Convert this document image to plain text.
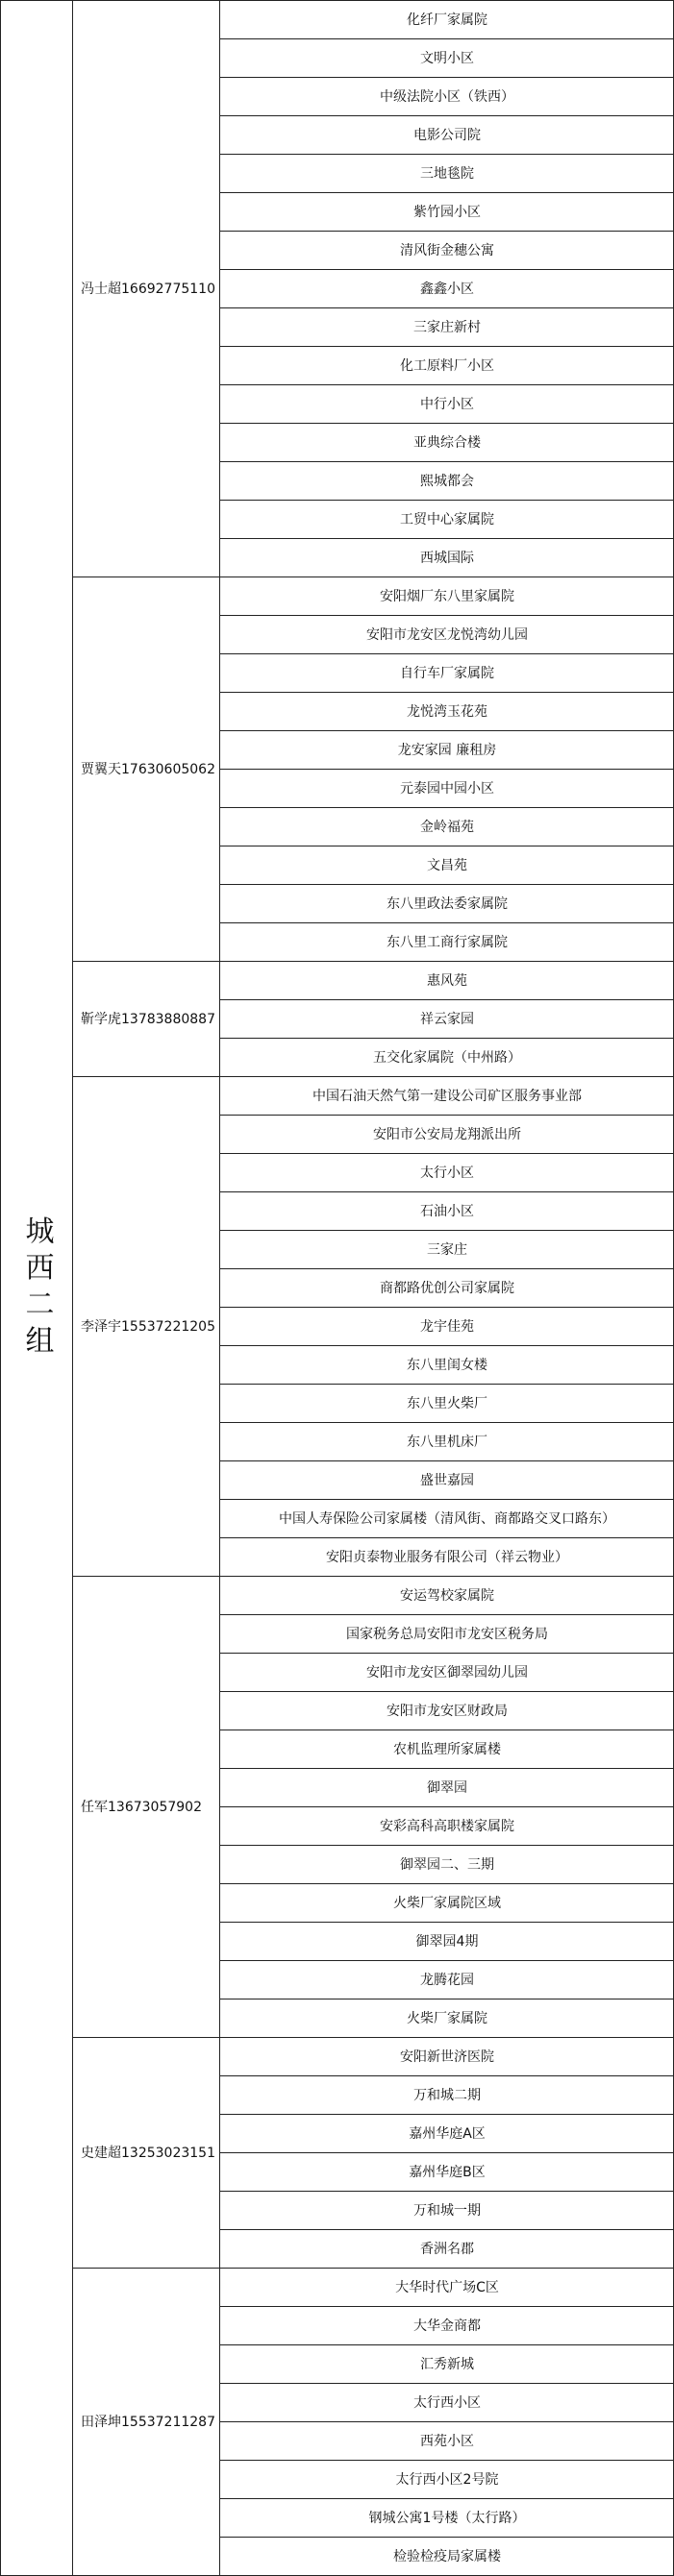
城西二组
冯士超16692775110
化纤厂家属院
文明小区
中级法院小区（铁西）
电影公司院
三地毯院
紫竹园小区
清风街金穗公寓
鑫鑫小区
三家庄新村
化工原料厂小区
中行小区
亚典综合楼
熙城都会
工贸中心家属院
西城国际
贾翼天17630605062
安阳烟厂东八里家属院
安阳市龙安区龙悦湾幼儿园
自行车厂家属院
龙悦湾玉花苑
龙安家园 廉租房
元泰园中园小区
金岭福苑
文昌苑
东八里政法委家属院
东八里工商行家属院
靳学虎13783880887
惠风苑
祥云家园
五交化家属院（中州路）
李泽宇15537221205
中国石油天然气第一建设公司矿区服务事业部
安阳市公安局龙翔派出所
太行小区
石油小区
三家庄
商都路优创公司家属院
龙宇佳苑
东八里闺女楼
东八里火柴厂
东八里机床厂
盛世嘉园
中国人寿保险公司家属楼（清风街、商都路交叉口路东）
安阳贞泰物业服务有限公司（祥云物业）
任军13673057902
安运驾校家属院
国家税务总局安阳市龙安区税务局
安阳市龙安区御翠园幼儿园
安阳市龙安区财政局
农机监理所家属楼
御翠园
安彩高科高职楼家属院
御翠园二、三期
火柴厂家属院区域
御翠园4期
龙腾花园
火柴厂家属院
史建超13253023151
安阳新世济医院
万和城二期
嘉州华庭A区
嘉州华庭B区
万和城一期
香洲名郡
田泽坤15537211287
大华时代广场C区
大华金商都
汇秀新城
太行西小区
西苑小区
太行西小区2号院
钢城公寓1号楼（太行路）
检验检疫局家属楼
